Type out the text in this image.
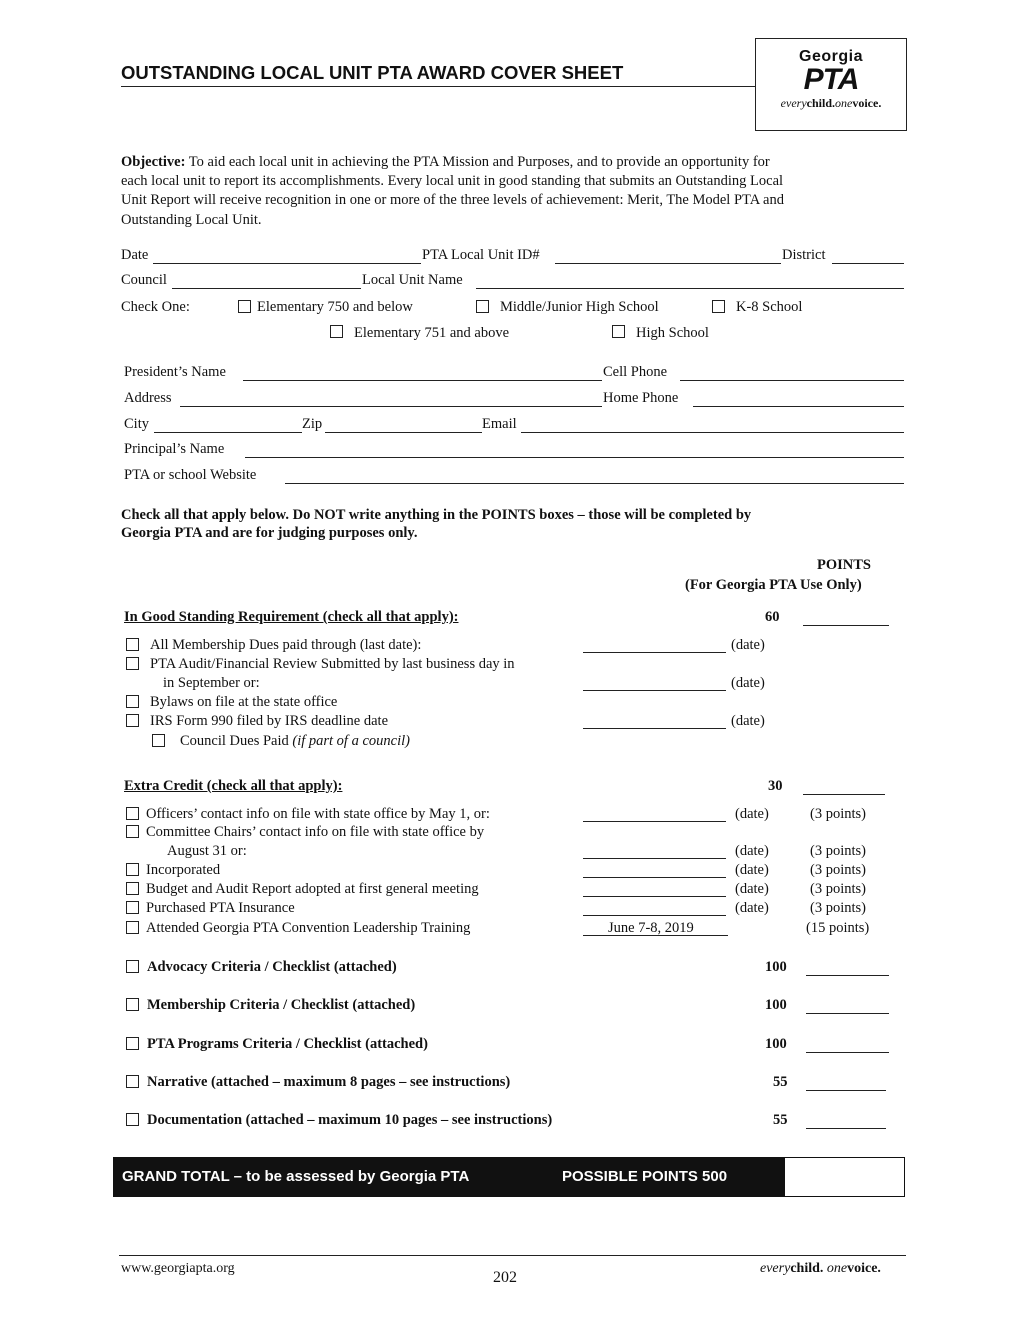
OUTSTANDING LOCAL UNIT PTA AWARD COVER SHEET
Georgia
PTA
everychild.onevoice.
Objective: To aid each local unit in achieving the PTA Mission and Purposes, and to provide an opportunity for
each local unit to report its accomplishments. Every local unit in good standing that submits an Outstanding Local
Unit Report will receive recognition in one or more of the three levels of achievement: Merit, The Model PTA and
Outstanding Local Unit.
Date	PTA Local Unit ID#	District
Council	Local Unit Name
Check One:	Elementary 750 and below	Middle/Junior High School	K-8 School
Elementary 751 and above	High School
President’s Name	Cell Phone
Address	Home Phone
City	Zip	Email
Principal’s Name
PTA or school Website
Check all that apply below. Do NOT write anything in the POINTS boxes – those will be completed by
Georgia PTA and are for judging purposes only.
POINTS
(For Georgia PTA Use Only)
In Good Standing Requirement (check all that apply):	60
All Membership Dues paid through (last date):	(date)
PTA Audit/Financial Review Submitted by last business day in
in September or:	(date)
Bylaws on file at the state office
IRS Form 990 filed by IRS deadline date	(date)
Council Dues Paid (if part of a council)
Extra Credit (check all that apply):	30
Officers’ contact info on file with state office by May 1, or:	(date)	(3 points)
Committee Chairs’ contact info on file with state office by
August 31 or:	(date)	(3 points)
Incorporated	(date)	(3 points)
Budget and Audit Report adopted at first general meeting	(date)	(3 points)
Purchased PTA Insurance	(date)	(3 points)
Attended Georgia PTA Convention Leadership Training	June 7-8, 2019	(15 points)
Advocacy Criteria / Checklist (attached)	100
Membership Criteria / Checklist (attached)	100
PTA Programs Criteria / Checklist (attached)	100
Narrative (attached – maximum 8 pages – see instructions)	55
Documentation (attached – maximum 10 pages – see instructions)	55
GRAND TOTAL – to be assessed by Georgia PTA	POSSIBLE POINTS 500
www.georgiapta.org
202
everychild. onevoice.
